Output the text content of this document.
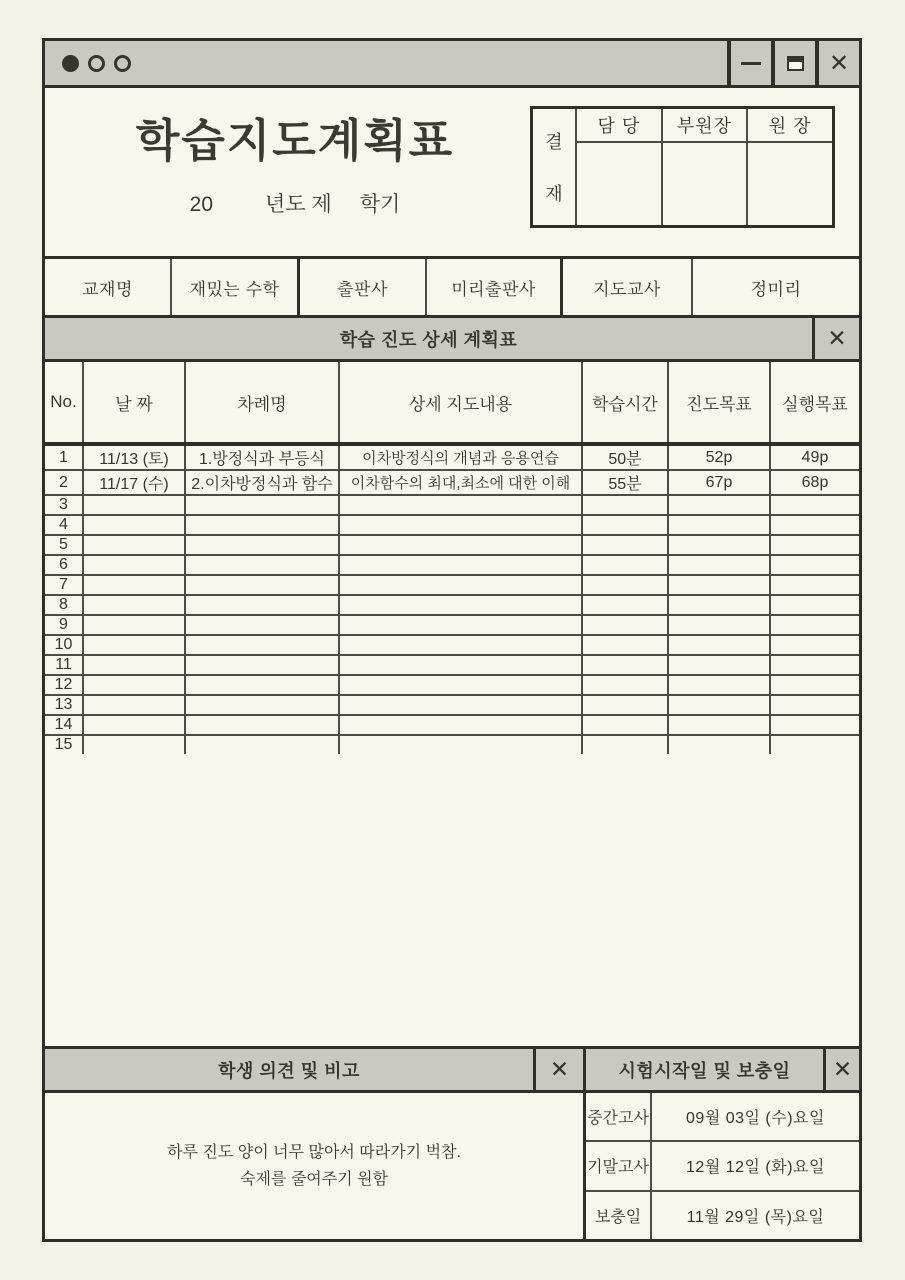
✕
학습지도계획표
20 년도 제 학기
결
재
담 당	부원장	원 장
교재명	재밌는 수학	출판사	미리출판사	지도교사	정미리
학습 진도 상세 계획표	✕
No.	날 짜	차례명	상세 지도내용	학습시간	진도목표	실행목표
1	11/13 (토)	1.방정식과 부등식	이차방정식의 개념과 응용연습	50분	52p	49p
2	11/17 (수)	2.이차방정식과 함수	이차함수의 최대,최소에 대한 이해	55분	67p	68p
3
4
5
6
7
8
9
10
11
12
13
14
15
학생 의견 및 비고	✕
하루 진도 양이 너무 많아서 따라가기 벅참.
숙제를 줄여주기 원함
시험시작일 및 보충일	✕
중간고사	09월 03일 (수)요일
기말고사	12월 12일 (화)요일
보충일	11월 29일 (목)요일
